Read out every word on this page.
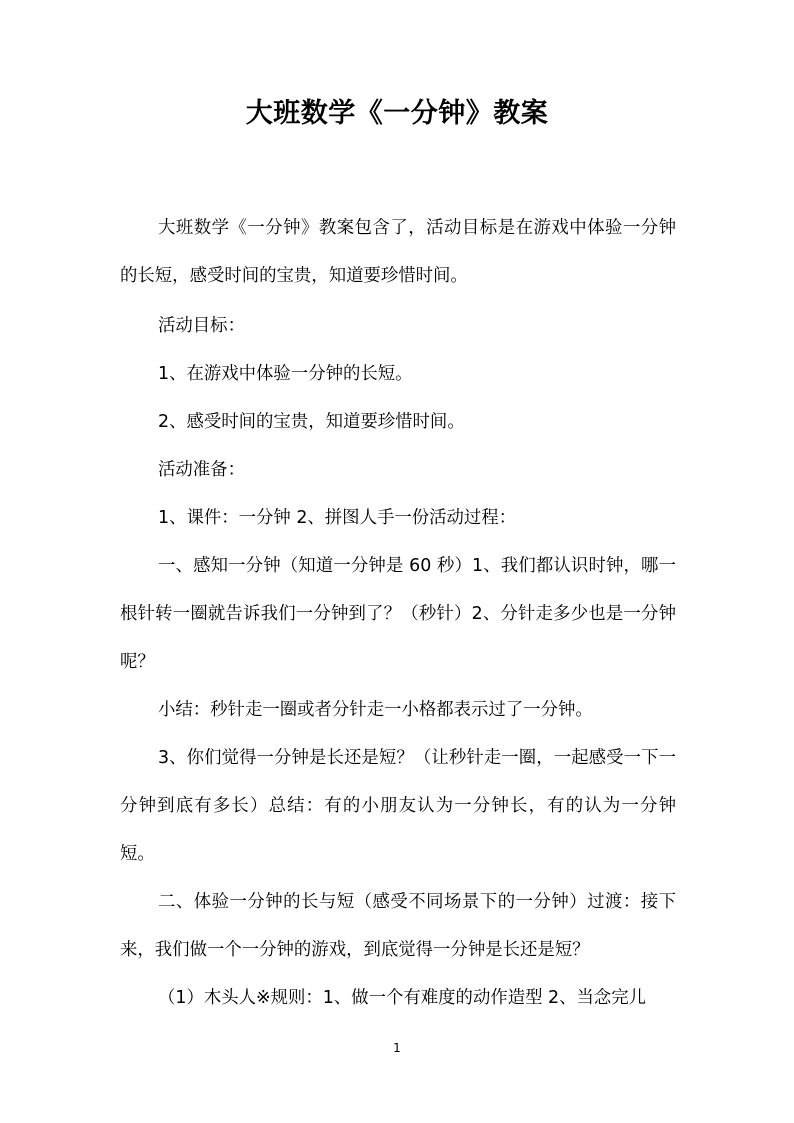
大班数学《一分钟》教案
大班数学《一分钟》教案包含了，活动目标是在游戏中体验一分钟的长短，感受时间的宝贵，知道要珍惜时间。
活动目标：
1、在游戏中体验一分钟的长短。
2、感受时间的宝贵，知道要珍惜时间。
活动准备：
1、课件：一分钟 2、拼图人手一份活动过程：
一、感知一分钟（知道一分钟是 60 秒）1、我们都认识时钟，哪一根针转一圈就告诉我们一分钟到了？（秒针）2、分针走多少也是一分钟呢？
小结：秒针走一圈或者分针走一小格都表示过了一分钟。
3、你们觉得一分钟是长还是短？（让秒针走一圈，一起感受一下一分钟到底有多长）总结：有的小朋友认为一分钟长，有的认为一分钟短。
二、体验一分钟的长与短（感受不同场景下的一分钟）过渡：接下来，我们做一个一分钟的游戏，到底觉得一分钟是长还是短？
（1）木头人※规则：1、做一个有难度的动作造型 2、当念完儿
1
